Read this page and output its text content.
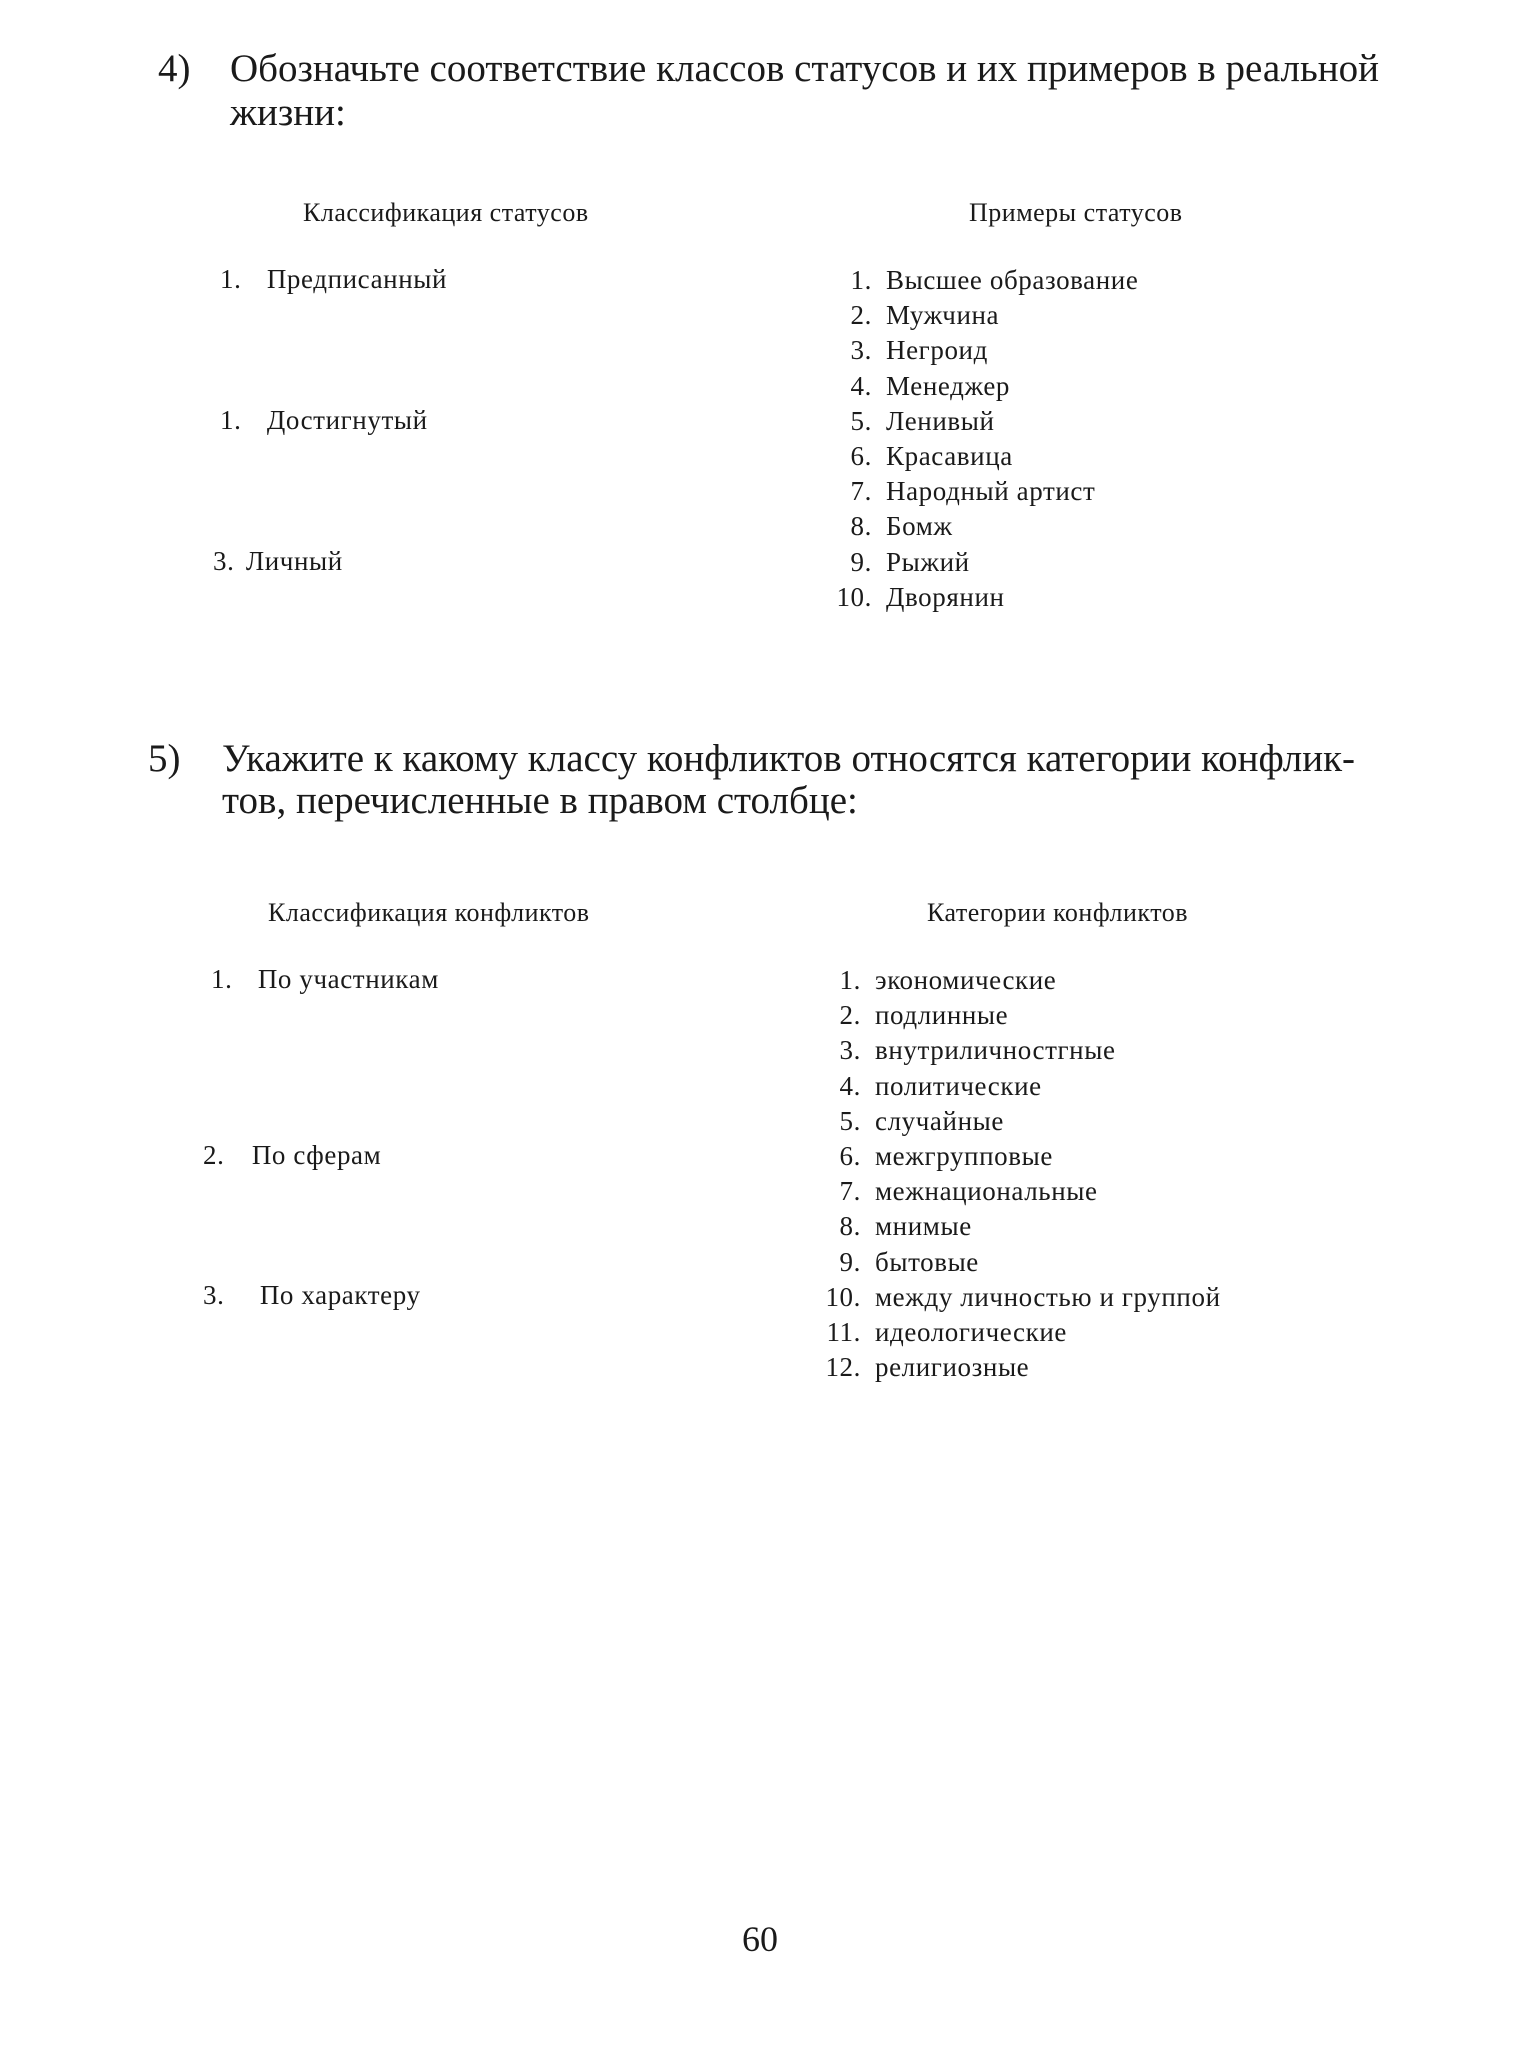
4) Обозначьте соответствие классов статусов и их примеров в реальной
жизни:
Классификация статусов	Примеры статусов
1. Предписанный
1. Достигнутый
3. Личный
1. Высшее образование
2. Мужчина
3. Негроид
4. Менеджер
5. Ленивый
6. Красавица
7. Народный артист
8. Бомж
9. Рыжий
10. Дворянин
5) Укажите к какому классу конфликтов относятся категории конфлик-
тов, перечисленные в правом столбце:
Классификация конфликтов	Категории конфликтов
1. По участникам
2. По сферам
3. По характеру
1. экономические
2. подлинные
3. внутриличностгные
4. политические
5. случайные
6. межгрупповые
7. межнациональные
8. мнимые
9. бытовые
10. между личностью и группой
11. идеологические
12. религиозные
60
